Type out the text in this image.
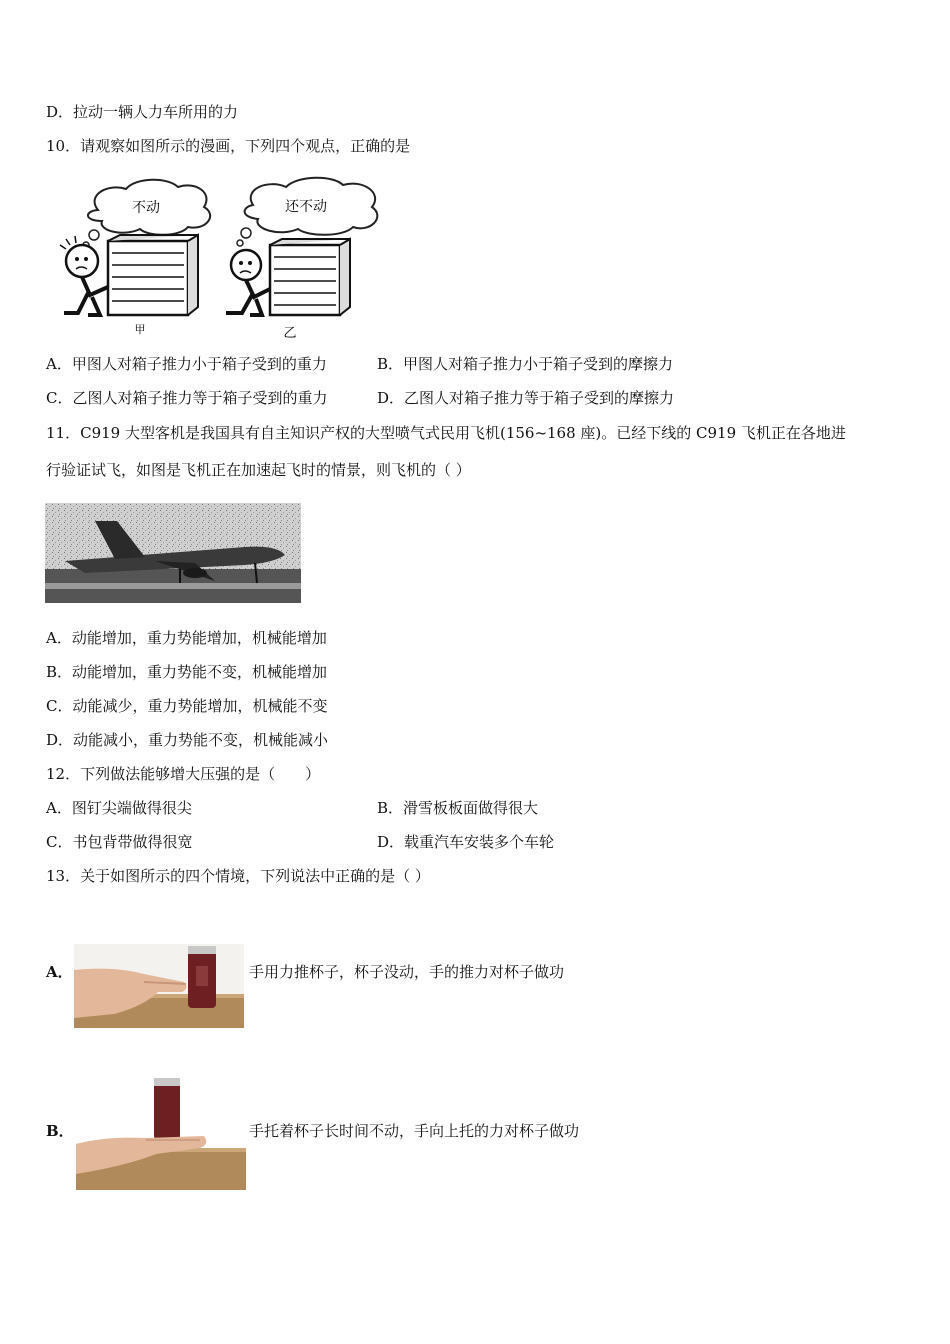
D．拉动一辆人力车所用的力
10．请观察如图所示的漫画，下列四个观点，正确的是
不动	还不动
甲	乙
A．甲图人对箱子推力小于箱子受到的重力	B．甲图人对箱子推力小于箱子受到的摩擦力
C．乙图人对箱子推力等于箱子受到的重力	D．乙图人对箱子推力等于箱子受到的摩擦力
11．C919 大型客机是我国具有自主知识产权的大型喷气式民用飞机(156~168 座)。已经下线的 C919 飞机正在各地进
行验证试飞，如图是飞机正在加速起飞时的情景，则飞机的（ ）
A．动能增加，重力势能增加，机械能增加
B．动能增加，重力势能不变，机械能增加
C．动能减少，重力势能增加，机械能不变
D．动能减小，重力势能不变，机械能减小
12．下列做法能够增大压强的是（　　）
A．图钉尖端做得很尖	B．滑雪板板面做得很大
C．书包背带做得很宽	D．载重汽车安装多个车轮
13．关于如图所示的四个情境，下列说法中正确的是（ ）
A．	手用力推杯子，杯子没动，手的推力对杯子做功
B．	手托着杯子长时间不动，手向上托的力对杯子做功
